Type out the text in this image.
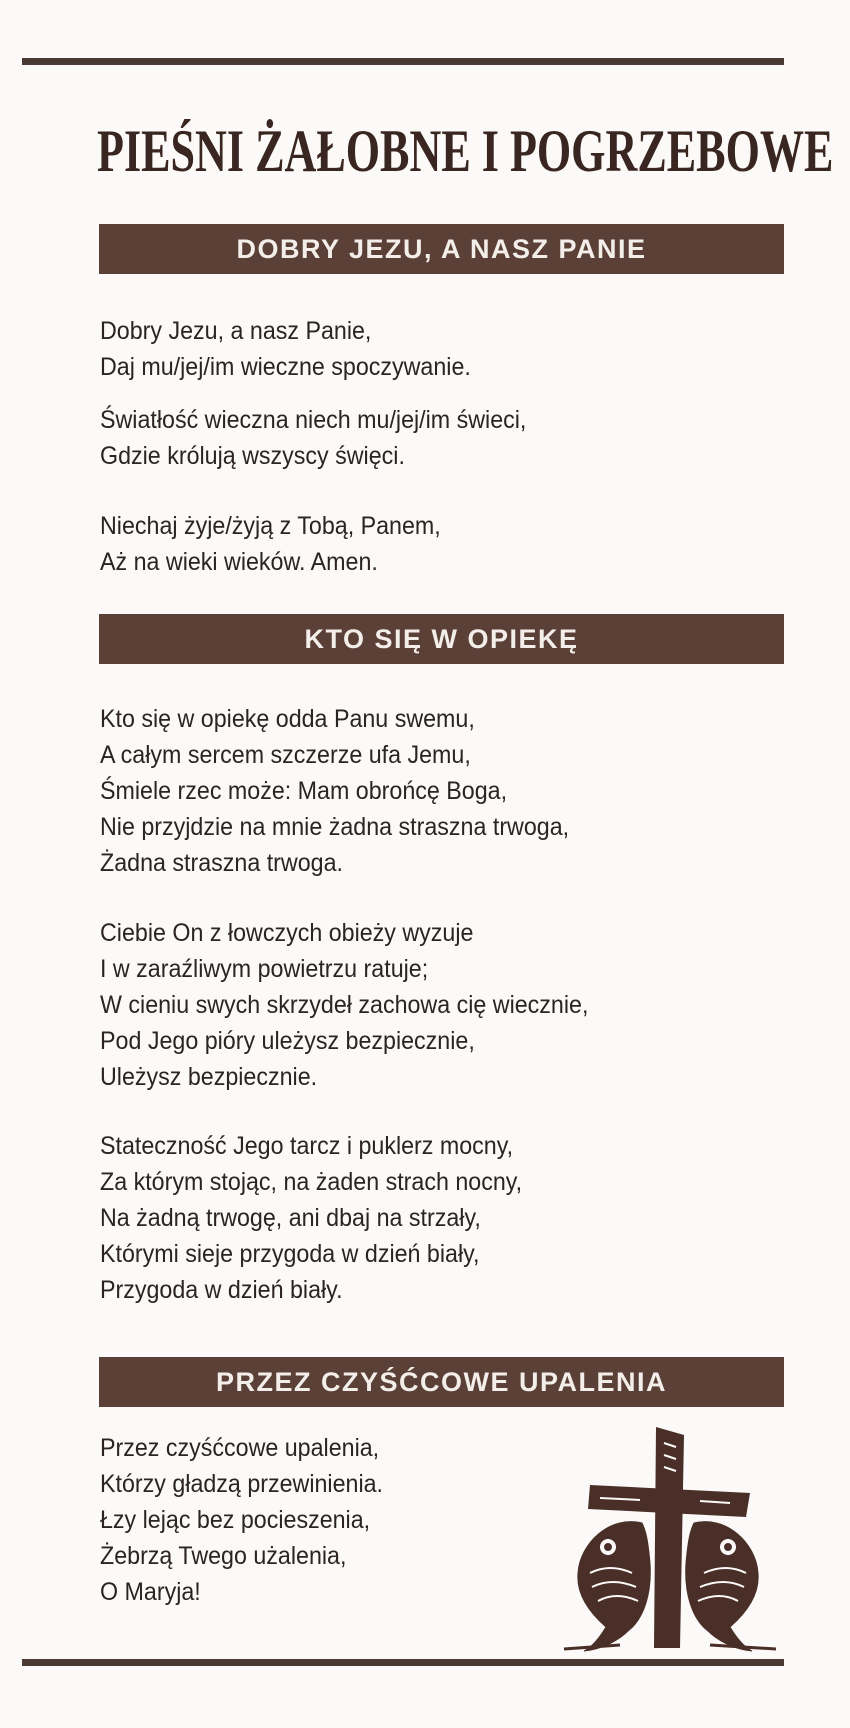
PIEŚNI ŻAŁOBNE I POGRZEBOWE
DOBRY JEZU, A NASZ PANIE

Dobry Jezu, a nasz Panie,
Daj mu/jej/im wieczne spoczywanie.

Światłość wieczna niech mu/jej/im świeci,
Gdzie królują wszyscy święci.

Niechaj żyje/żyją z Tobą, Panem,
Aż na wieki wieków. Amen.

KTO SIĘ W OPIEKĘ

Kto się w opiekę odda Panu swemu,
A całym sercem szczerze ufa Jemu,
Śmiele rzec może: Mam obrońcę Boga,
Nie przyjdzie na mnie żadna straszna trwoga,
Żadna straszna trwoga.

Ciebie On z łowczych obieży wyzuje
I w zaraźliwym powietrzu ratuje;
W cieniu swych skrzydeł zachowa cię wiecznie,
Pod Jego pióry uleżysz bezpiecznie,
Uleżysz bezpiecznie.

Stateczność Jego tarcz i puklerz mocny,
Za którym stojąc, na żaden strach nocny,
Na żadną trwogę, ani dbaj na strzały,
Którymi sieje przygoda w dzień biały,
Przygoda w dzień biały.

PRZEZ CZYŚĆCOWE UPALENIA

Przez czyśćcowe upalenia,
Którzy gładzą przewinienia.
Łzy lejąc bez pocieszenia,
Żebrzą Twego użalenia,
O Maryja!
